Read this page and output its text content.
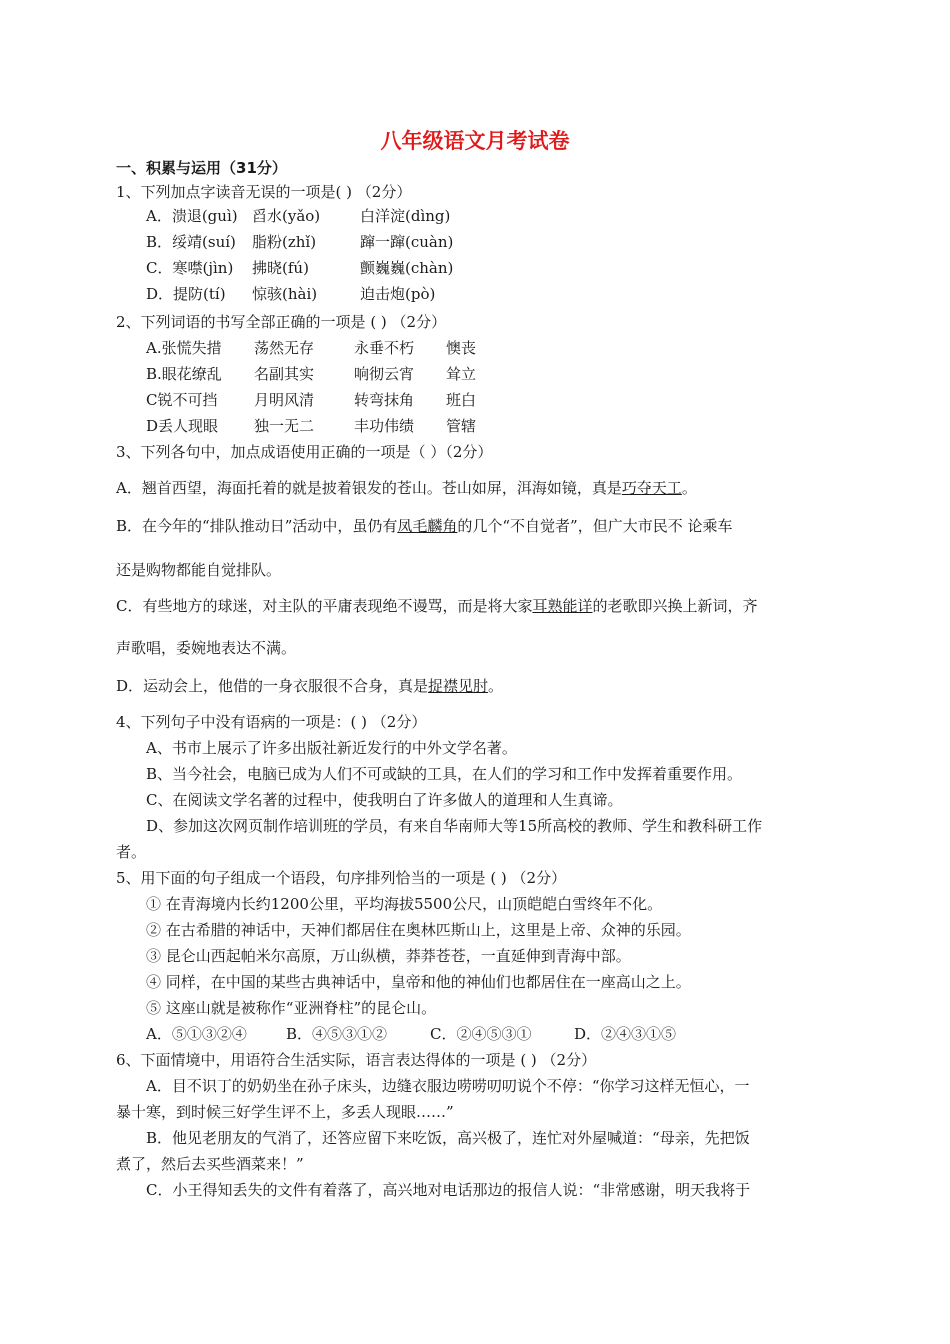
八年级语文月考试卷
一、积累与运用（31分）
1、下列加点字读音无误的一项是( ) （2分）
A．溃退(guì) 舀水(yǎo)	白洋淀(dìng)
B．绥靖(suí) 脂粉(zhǐ)	蹿一蹿(cuàn)
C．寒噤(jìn) 拂晓(fú)	颤巍巍(chàn)
D．提防(tí) 惊骇(hài)	迫击炮(pò)
2、下列词语的书写全部正确的一项是 ( ) （2分）
A.张慌失措 荡然无存	永垂不朽 懊丧
B.眼花缭乱 名副其实	响彻云宵 耸立
C锐不可挡 月明风清	转弯抹角 班白
D丢人现眼 独一无二	丰功伟绩 管辖
3、下列各句中，加点成语使用正确的一项是（ ）（2分）
A．翘首西望，海面托着的就是披着银发的苍山。苍山如屏，洱海如镜，真是巧夺天工。
B．在今年的“排队推动日”活动中，虽仍有凤毛麟角的几个“不自觉者”，但广大市民不 论乘车
还是购物都能自觉排队。
C．有些地方的球迷，对主队的平庸表现绝不谩骂，而是将大家耳熟能详的老歌即兴换上新词，齐
声歌唱，委婉地表达不满。
D．运动会上，他借的一身衣服很不合身，真是捉襟见肘。
4、下列句子中没有语病的一项是：( ) （2分）
A、书市上展示了许多出版社新近发行的中外文学名著。
B、当今社会，电脑已成为人们不可或缺的工具，在人们的学习和工作中发挥着重要作用。
C、在阅读文学名著的过程中，使我明白了许多做人的道理和人生真谛。
D、参加这次网页制作培训班的学员，有来自华南师大等15所高校的教师、学生和教科研工作
者。
5、用下面的句子组成一个语段，句序排列恰当的一项是 ( ) （2分）
① 在青海境内长约1200公里，平均海拔5500公尺，山顶皑皑白雪终年不化。
② 在古希腊的神话中，天神们都居住在奥林匹斯山上，这里是上帝、众神的乐园。
③ 昆仑山西起帕米尔高原，万山纵横，莽莽苍苍，一直延伸到青海中部。
④ 同样，在中国的某些古典神话中，皇帝和他的神仙们也都居住在一座高山之上。
⑤ 这座山就是被称作“亚洲脊柱”的昆仑山。
A．⑤①③②④	B．④⑤③①②	C．②④⑤③①	D．②④③①⑤
6、下面情境中，用语符合生活实际，语言表达得体的一项是 ( ) （2分）
A．目不识丁的奶奶坐在孙子床头，边缝衣服边唠唠叨叨说个不停：“你学习这样无恒心，一
暴十寒，到时候三好学生评不上，多丢人现眼……”
B．他见老朋友的气消了，还答应留下来吃饭，高兴极了，连忙对外屋喊道：“母亲，先把饭
煮了，然后去买些酒菜来！”
C．小王得知丢失的文件有着落了，高兴地对电话那边的报信人说：“非常感谢，明天我将于
